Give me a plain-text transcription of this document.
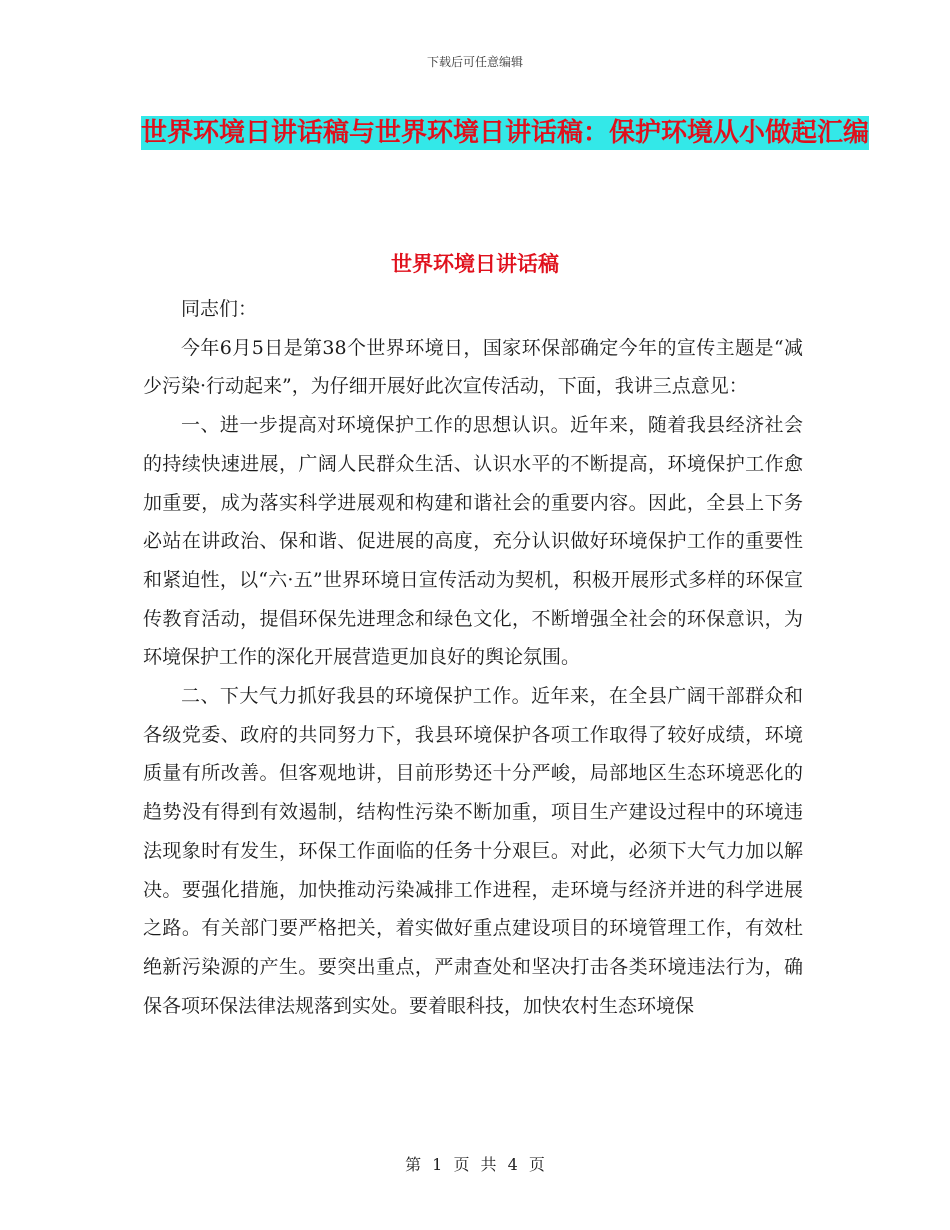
下载后可任意编辑
世界环境日讲话稿与世界环境日讲话稿：保护环境从小做起汇编
世界环境日讲话稿

同志们：

今年6月5日是第38个世界环境日，国家环保部确定今年的宣传主题是“减少污染·行动起来”，为仔细开展好此次宣传活动，下面，我讲三点意见：

一、进一步提高对环境保护工作的思想认识。近年来，随着我县经济社会的持续快速进展，广阔人民群众生活、认识水平的不断提高，环境保护工作愈加重要，成为落实科学进展观和构建和谐社会的重要内容。因此，全县上下务必站在讲政治、保和谐、促进展的高度，充分认识做好环境保护工作的重要性和紧迫性，以“六·五”世界环境日宣传活动为契机，积极开展形式多样的环保宣传教育活动，提倡环保先进理念和绿色文化，不断增强全社会的环保意识，为环境保护工作的深化开展营造更加良好的舆论氛围。

二、下大气力抓好我县的环境保护工作。近年来，在全县广阔干部群众和各级党委、政府的共同努力下，我县环境保护各项工作取得了较好成绩，环境质量有所改善。但客观地讲，目前形势还十分严峻，局部地区生态环境恶化的趋势没有得到有效遏制，结构性污染不断加重，项目生产建设过程中的环境违法现象时有发生，环保工作面临的任务十分艰巨。对此，必须下大气力加以解决。要强化措施，加快推动污染减排工作进程，走环境与经济并进的科学进展之路。有关部门要严格把关，着实做好重点建设项目的环境管理工作，有效杜绝新污染源的产生。要突出重点，严肃查处和坚决打击各类环境违法行为，确保各项环保法律法规落到实处。要着眼科技，加快农村生态环境保

第 1 页 共 4 页
